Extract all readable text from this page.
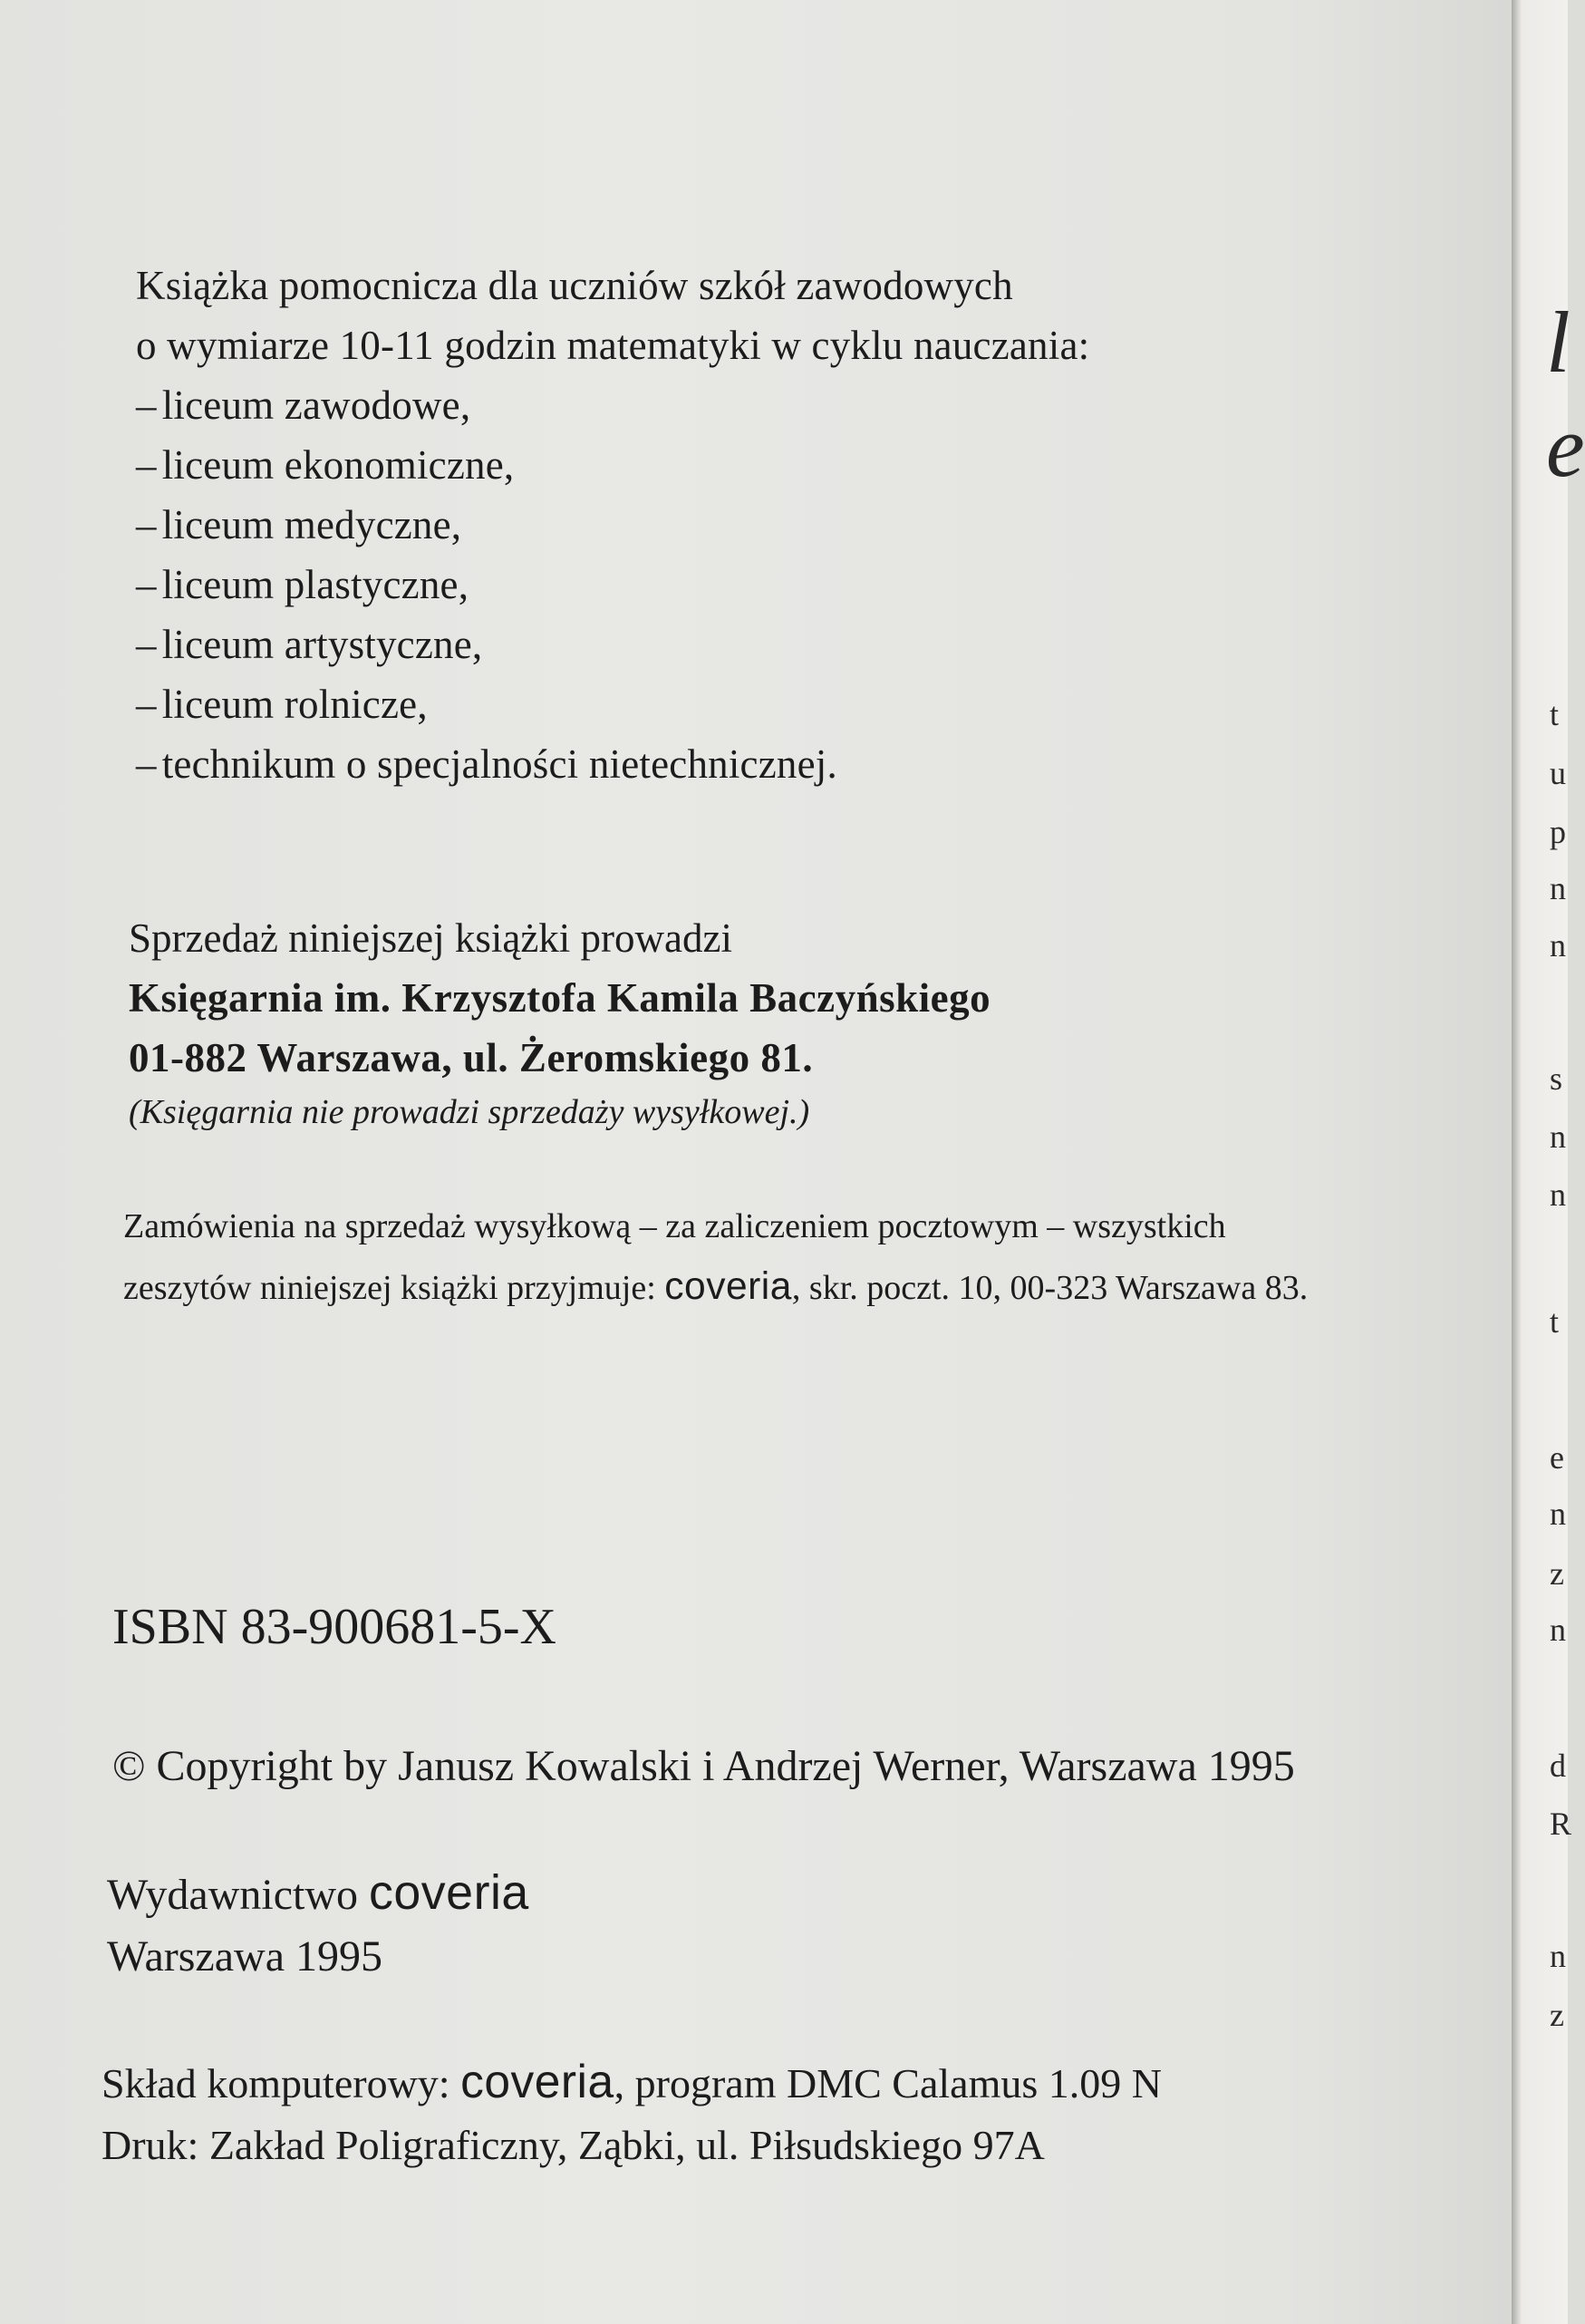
Książka pomocnicza dla uczniów szkół zawodowych
o wymiarze 10-11 godzin matematyki w cyklu nauczania:
– liceum zawodowe,
– liceum ekonomiczne,
– liceum medyczne,
– liceum plastyczne,
– liceum artystyczne,
– liceum rolnicze,
– technikum o specjalności nietechnicznej.
Sprzedaż niniejszej książki prowadzi
Księgarnia im. Krzysztofa Kamila Baczyńskiego
01-882 Warszawa, ul. Żeromskiego 81.
(Księgarnia nie prowadzi sprzedaży wysyłkowej.)
Zamówienia na sprzedaż wysyłkową – za zaliczeniem pocztowym – wszystkich
zeszytów niniejszej książki przyjmuje: coveria, skr. poczt. 10, 00-323 Warszawa 83.
ISBN 83-900681-5-X
© Copyright by Janusz Kowalski i Andrzej Werner, Warszawa 1995
Wydawnictwo coveria
Warszawa 1995
Skład komputerowy: coveria, program DMC Calamus 1.09 N
Druk: Zakład Poligraficzny, Ząbki, ul. Piłsudskiego 97A
l
e
t
u
p
n
n
s
n
n
t
e
n
z
n
d
R
n
z
